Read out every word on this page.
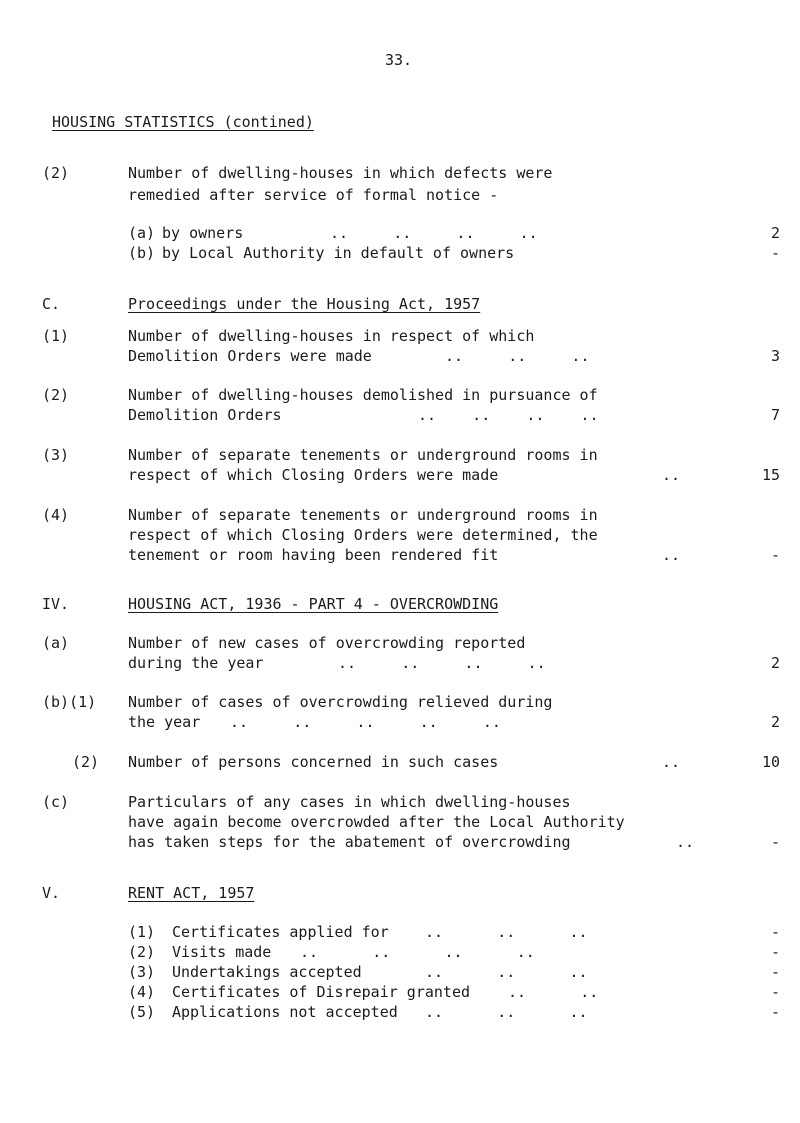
33.
HOUSING STATISTICS (contined)
(2)	Number of dwelling-houses in which defects were
remedied after service of formal notice -
(a) by owners	..     ..     ..     ..	2
(b) by Local Authority in default of owners	-
C.	Proceedings under the Housing Act, 1957
(1)	Number of dwelling-houses in respect of which
Demolition Orders were made	..     ..     ..	3
(2)	Number of dwelling-houses demolished in pursuance of
Demolition Orders	..    ..    ..    ..	7
(3)	Number of separate tenements or underground rooms in
respect of which Closing Orders were made	..	15
(4)	Number of separate tenements or underground rooms in
respect of which Closing Orders were determined, the
tenement or room having been rendered fit	..	-
IV.	HOUSING ACT, 1936 - PART 4 - OVERCROWDING
(a)	Number of new cases of overcrowding reported
during the year	..     ..     ..     ..	2
(b)(1) Number of cases of overcrowding relieved during
the year ..     ..     ..     ..     ..	2
(2) Number of persons concerned in such cases	..	10
(c)	Particulars of any cases in which dwelling-houses
have again become overcrowded after the Local Authority
has taken steps for the abatement of overcrowding	..	-
V.	RENT ACT, 1957
(1) Certificates applied for ..      ..      ..	-
(2) Visits made ..      ..      ..      ..	-
(3) Undertakings accepted	..      ..      ..	-
(4) Certificates of Disrepair granted	..      ..	-
(5) Applications not accepted ..      ..      ..	-
